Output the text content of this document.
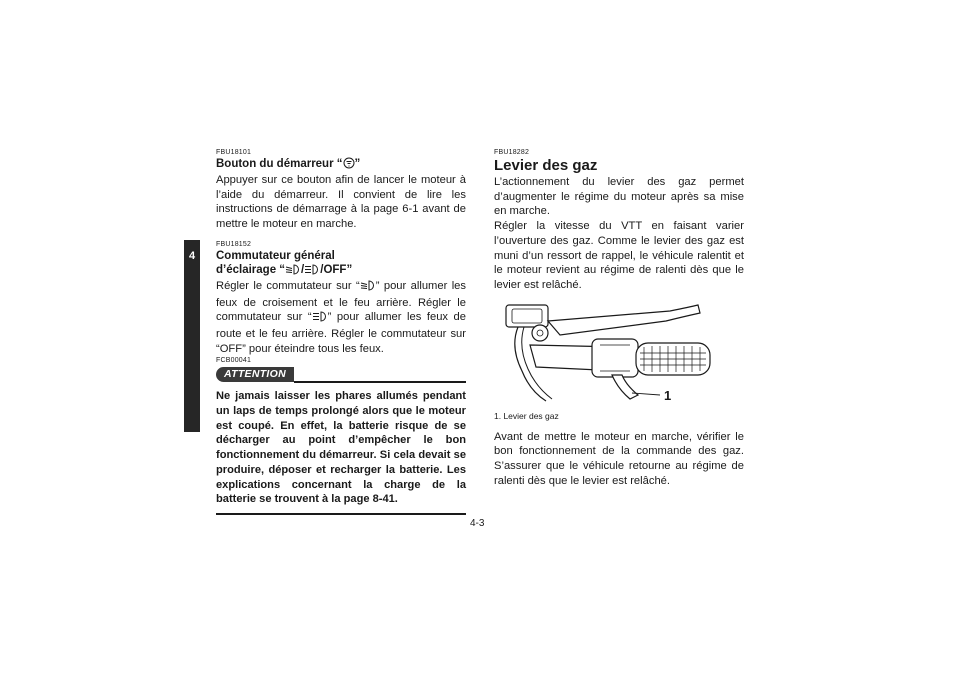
4
FBU18101
Bouton du démarreur “ ”

Appuyer sur ce bouton afin de lancer le moteur à l’aide du démarreur. Il convient de lire les instructions de démarrage à la page 6-1 avant de mettre le moteur en marche.

FBU18152
Commutateur général
d’éclairage “ / /OFF”

Régler le commutateur sur “ ” pour allumer les feux de croisement et le feu arrière. Régler le commutateur sur “ ” pour allumer les feux de route et le feu arrière. Régler le commutateur sur “OFF” pour éteindre tous les feux.

FCB00041
ATTENTION

Ne jamais laisser les phares allumés pendant un laps de temps prolongé alors que le moteur est coupé. En effet, la batterie risque de se décharger au point d’empêcher le bon fonctionnement du démarreur. Si cela devait se produire, déposer et recharger la batterie. Les explications concernant la charge de la batterie se trouvent à la page 8-41.

FBU18282
Levier des gaz

L’actionnement du levier des gaz permet d’augmenter le régime du moteur après sa mise en marche.

Régler la vitesse du VTT en faisant varier l’ouverture des gaz. Comme le levier des gaz est muni d’un ressort de rappel, le véhicule ralentit et le moteur revient au régime de ralenti dès que le levier est relâché.

1
1. Levier des gaz

Avant de mettre le moteur en marche, vérifier le bon fonctionnement de la commande des gaz. S’assurer que le véhicule retourne au régime de ralenti dès que le levier est relâché.

4-3
